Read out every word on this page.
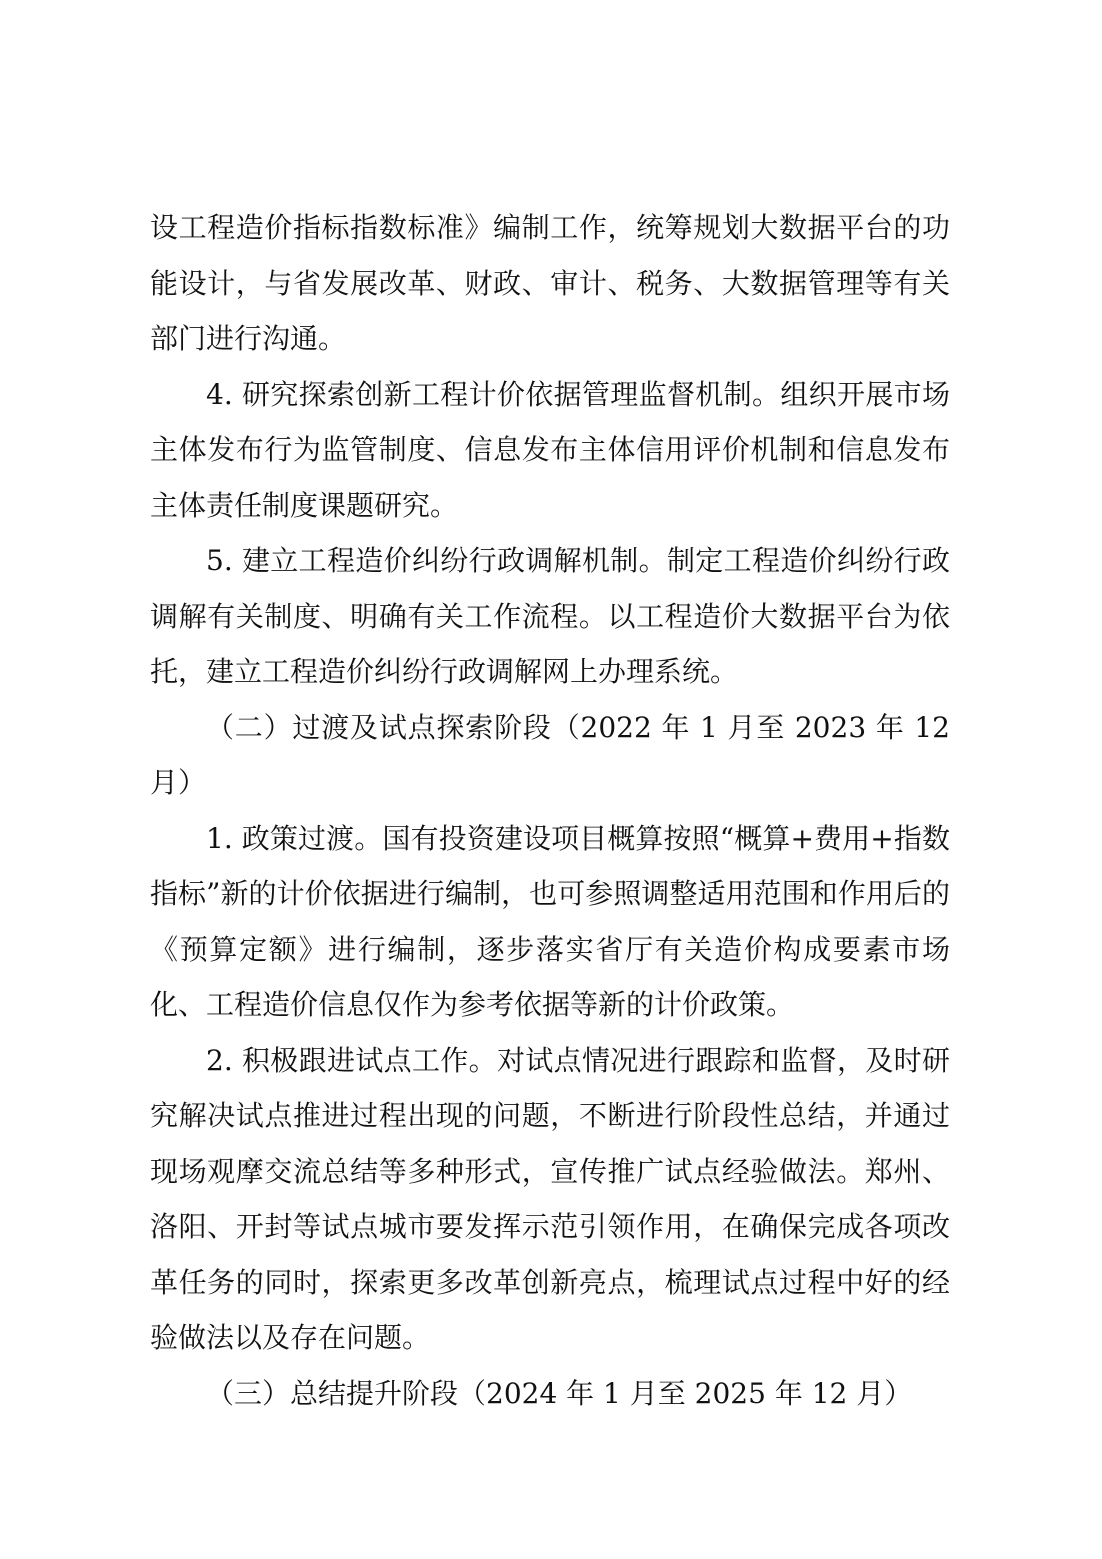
设工程造价指标指数标准》编制工作，统筹规划大数据平台的功能设计，与省发展改革、财政、审计、税务、大数据管理等有关部门进行沟通。

4. 研究探索创新工程计价依据管理监督机制。组织开展市场主体发布行为监管制度、信息发布主体信用评价机制和信息发布主体责任制度课题研究。

5. 建立工程造价纠纷行政调解机制。制定工程造价纠纷行政调解有关制度、明确有关工作流程。以工程造价大数据平台为依托，建立工程造价纠纷行政调解网上办理系统。

（二）过渡及试点探索阶段（2022 年 1 月至 2023 年 12 月）

1. 政策过渡。国有投资建设项目概算按照“概算+费用+指数指标”新的计价依据进行编制，也可参照调整适用范围和作用后的《预算定额》进行编制，逐步落实省厅有关造价构成要素市场化、工程造价信息仅作为参考依据等新的计价政策。

2. 积极跟进试点工作。对试点情况进行跟踪和监督，及时研究解决试点推进过程出现的问题，不断进行阶段性总结，并通过现场观摩交流总结等多种形式，宣传推广试点经验做法。郑州、洛阳、开封等试点城市要发挥示范引领作用，在确保完成各项改革任务的同时，探索更多改革创新亮点，梳理试点过程中好的经验做法以及存在问题。

（三）总结提升阶段（2024 年 1 月至 2025 年 12 月）
